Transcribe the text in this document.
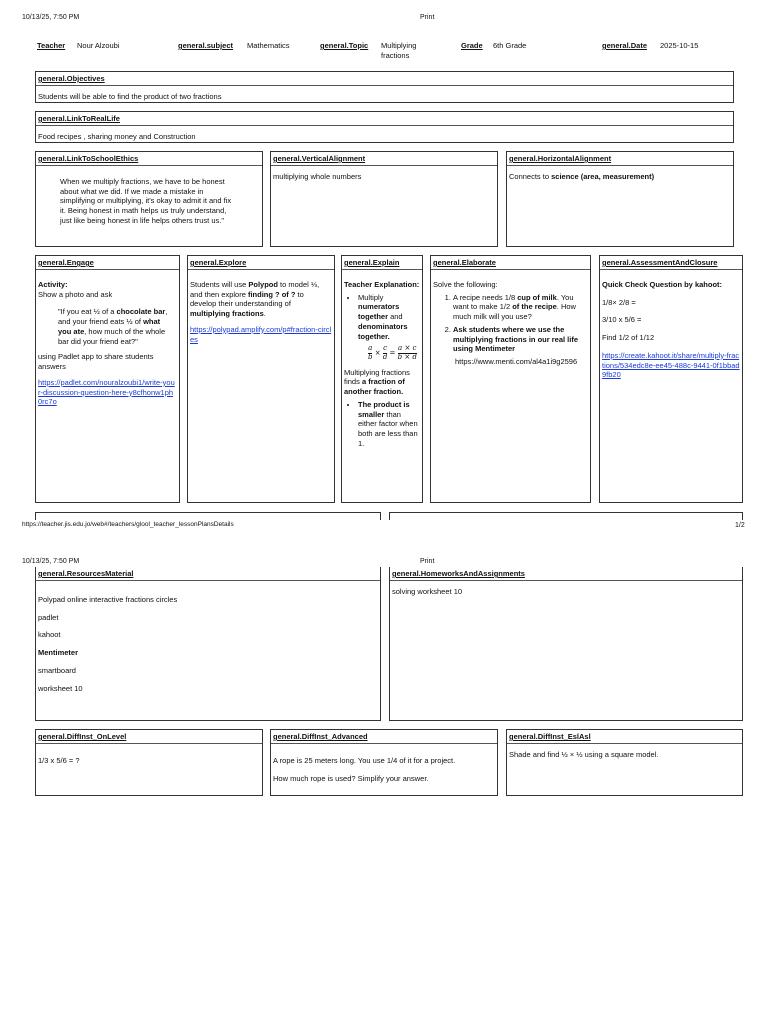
10/13/25, 7:50 PM	Print
Teacher Nour Alzoubi	general.subject Mathematics	general.Topic Multiplying
fractions
Grade 6th Grade	general.Date 2025-10-15
general.Objectives
Students will be able to find the product of two fractions
general.LinkToRealLife
Food recipes , sharing money and Construction
general.LinkToSchoolEthics
When we multiply fractions, we have to be honest about what we did. If we made a mistake in simplifying or multiplying, it's okay to admit it and fix it. Being honest in math helps us truly understand, just like being honest in life helps others trust us."
general.VerticalAlignment
multiplying whole numbers
general.HorizontalAlignment
Connects to science (area, measurement)
general.Engage
Activity:
Show a photo and ask
"If you eat ½ of a chocolate bar, and your friend eats ½ of what you ate, how much of the whole bar did your friend eat?"

using Padlet app to share students answers

https://padlet.com/nouralzoubi1/write-your-discussion-question-here-y8cfhonw1ph0rc7o
general.Explore
Students will use Polypod to model ⅓, and then explore finding ? of ? to develop their understanding of multiplying fractions.
https://polypad.amplify.com/p#fraction-circles
general.Explain
Teacher Explanation:
• Multiply numerators together and denominators together.
$\frac{a}{b} \times \frac{c}{d} = \frac{a \times c}{b \times d}$
Multiplying fractions finds a fraction of another fraction.
• The product is smaller than either factor when both are less than 1.
general.Elaborate
Solve the following:
1. A recipe needs 1/8 cup of milk. You want to make 1/2 of the recipe. How much milk will you use?
2. Ask students where we use the multiplying fractions in our real life using Mentimeter
https://www.menti.com/al4a1i9g2596
general.AssessmentAndClosure

Quick Check Question by kahoot:

1/8× 2/8 =

3/10 x 5/6 =

Find 1/2 of 1/12

https://create.kahoot.it/share/multiply-fractions/534edc8e-ee45-488c-9441-0f1bbad9fb20
https://teacher.jis.edu.jo/web#/teachers/glool_teacher_lessonPlansDetails	1/2
10/13/25, 7:50 PM	Print
general.ResourcesMaterial

Polypad online interactive fractions circles

padlet

kahoot

Mentimeter

smartboard

worksheet 10

general.HomeworksAndAssignments
solving worksheet 10
general.DiffInst_OnLevel
1/3 x 5/6 = ?
general.DiffInst_Advanced

A rope is 25 meters long. You use 1/4 of it for a project.

How much rope is used? Simplify your answer.

general.DiffInst_EslAsl
Shade and find ½ × ½ using a square model.
